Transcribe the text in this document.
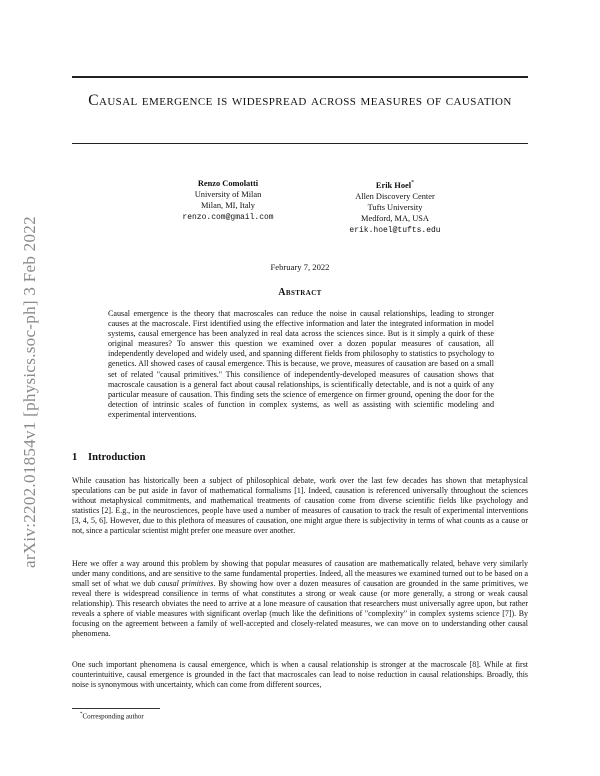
arXiv:2202.01854v1 [physics.soc-ph] 3 Feb 2022
Causal emergence is widespread across measures of causation
Renzo Comolatti
University of Milan
Milan, MI, Italy
renzo.com@gmail.com
Erik Hoel*
Allen Discovery Center
Tufts University
Medford, MA, USA
erik.hoel@tufts.edu
February 7, 2022
Abstract

Causal emergence is the theory that macroscales can reduce the noise in causal relationships, leading to stronger causes at the macroscale. First identified using the effective information and later the integrated information in model systems, causal emergence has been analyzed in real data across the sciences since. But is it simply a quirk of these original measures? To answer this question we examined over a dozen popular measures of causation, all independently developed and widely used, and spanning different fields from philosophy to statistics to psychology to genetics. All showed cases of causal emergence. This is because, we prove, measures of causation are based on a small set of related "causal primitives." This consilience of independently-developed measures of causation shows that macroscale causation is a general fact about causal relationships, is scientifically detectable, and is not a quirk of any particular measure of causation. This finding sets the science of emergence on firmer ground, opening the door for the detection of intrinsic scales of function in complex systems, as well as assisting with scientific modeling and experimental interventions.

1 Introduction

While causation has historically been a subject of philosophical debate, work over the last few decades has shown that metaphysical speculations can be put aside in favor of mathematical formalisms [1]. Indeed, causation is referenced universally throughout the sciences without metaphysical commitments, and mathematical treatments of causation come from diverse scientific fields like psychology and statistics [2]. E.g., in the neurosciences, people have used a number of measures of causation to track the result of experimental interventions [3, 4, 5, 6]. However, due to this plethora of measures of causation, one might argue there is subjectivity in terms of what counts as a cause or not, since a particular scientist might prefer one measure over another.

Here we offer a way around this problem by showing that popular measures of causation are mathematically related, behave very similarly under many conditions, and are sensitive to the same fundamental properties. Indeed, all the measures we examined turned out to be based on a small set of what we dub causal primitives. By showing how over a dozen measures of causation are grounded in the same primitives, we reveal there is widespread consilience in terms of what constitutes a strong or weak cause (or more generally, a strong or weak causal relationship). This research obviates the need to arrive at a lone measure of causation that researchers must universally agree upon, but rather reveals a sphere of viable measures with significant overlap (much like the definitions of "complexity" in complex systems science [7]). By focusing on the agreement between a family of well-accepted and closely-related measures, we can move on to understanding other causal phenomena.

One such important phenomena is causal emergence, which is when a causal relationship is stronger at the macroscale [8]. While at first counterintuitive, causal emergence is grounded in the fact that macroscales can lead to noise reduction in causal relationships. Broadly, this noise is synonymous with uncertainty, which can come from different sources,

*Corresponding author
